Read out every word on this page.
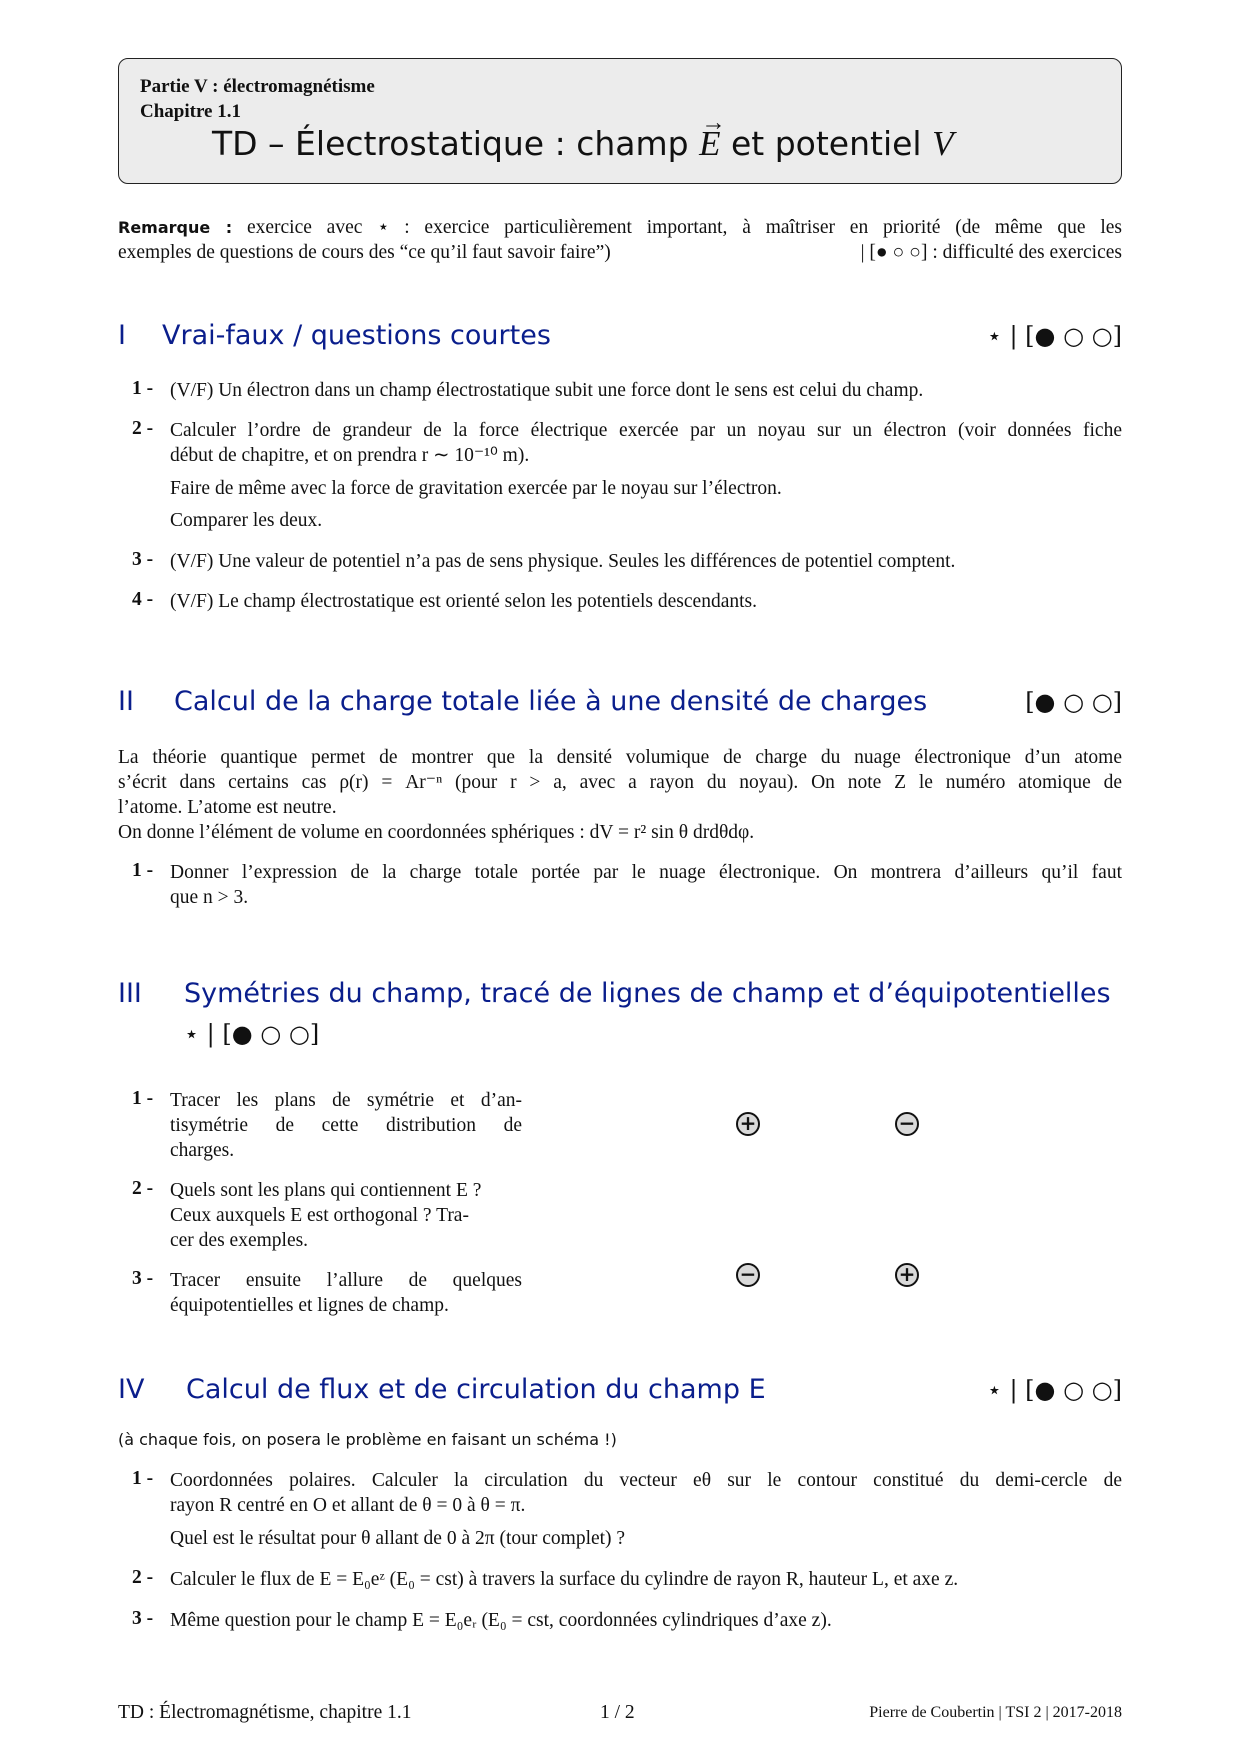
Partie V : électromagnétisme
Chapitre 1.1
TD – Électrostatique : champ → E et potentiel V
Remarque : exercice avec ⋆ : exercice particulièrement important, à maîtriser en priorité (de même que les
exemples de questions de cours des “ce qu’il faut savoir faire”)	| [● ○ ○] : difficulté des exercices
I Vrai-faux / questions courtes	⋆ | [● ○ ○]
1 - (V/F) Un électron dans un champ électrostatique subit une force dont le sens est celui du champ.
2 - Calculer l’ordre de grandeur de la force électrique exercée par un noyau sur un électron (voir données fiche
début de chapitre, et on prendra r ∼ 10⁻¹⁰ m).
Faire de même avec la force de gravitation exercée par le noyau sur l’électron.
Comparer les deux.
3 - (V/F) Une valeur de potentiel n’a pas de sens physique. Seules les différences de potentiel comptent.
4 - (V/F) Le champ électrostatique est orienté selon les potentiels descendants.
II Calcul de la charge totale liée à une densité de charges	[● ○ ○]
La théorie quantique permet de montrer que la densité volumique de charge du nuage électronique d’un atome
s’écrit dans certains cas ρ(r) = Ar⁻ⁿ (pour r > a, avec a rayon du noyau). On note Z le numéro atomique de
l’atome. L’atome est neutre.
On donne l’élément de volume en coordonnées sphériques : dV = r² sin θ drdθdφ.
1 - Donner l’expression de la charge totale portée par le nuage électronique. On montrera d’ailleurs qu’il faut
que n > 3.
III Symétries du champ, tracé de lignes de champ et d’équipotentielles
⋆ | [● ○ ○]
1 - Tracer les plans de symétrie et d’an-
tisymétrie de cette distribution de
charges.
2 - Quels sont les plans qui contiennent E ?
Ceux auxquels E est orthogonal ? Tra-
cer des exemples.
3 - Tracer ensuite l’allure de quelques
équipotentielles et lignes de champ.
+	−
−	+
IV Calcul de flux et de circulation du champ E	⋆ | [● ○ ○]
(à chaque fois, on posera le problème en faisant un schéma !)
1 - Coordonnées polaires. Calculer la circulation du vecteur eθ sur le contour constitué du demi-cercle de
rayon R centré en O et allant de θ = 0 à θ = π.
Quel est le résultat pour θ allant de 0 à 2π (tour complet) ?
2 - Calculer le flux de E = E₀eᶻ (E₀ = cst) à travers la surface du cylindre de rayon R, hauteur L, et axe z.
3 - Même question pour le champ E = E₀eᵣ (E₀ = cst, coordonnées cylindriques d’axe z).
TD : Électromagnétisme, chapitre 1.1	1 / 2	Pierre de Coubertin | TSI 2 | 2017-2018
